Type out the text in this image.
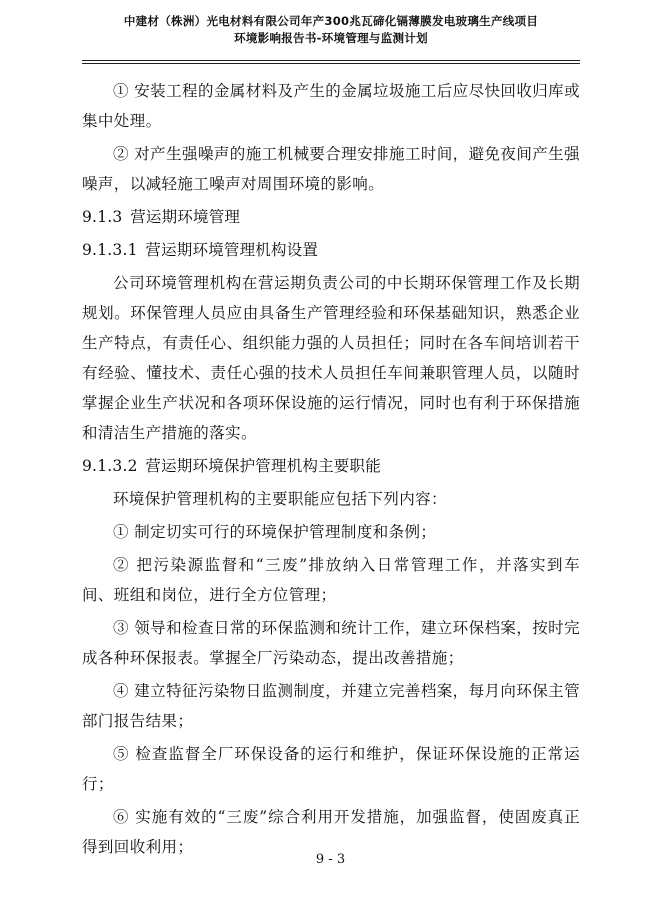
中建材（株洲）光电材料有限公司年产300兆瓦碲化镉薄膜发电玻璃生产线项目
环境影响报告书-环境管理与监测计划

① 安装工程的金属材料及产生的金属垃圾施工后应尽快回收归库或集中处理。

② 对产生强噪声的施工机械要合理安排施工时间，避免夜间产生强噪声，以减轻施工噪声对周围环境的影响。

9.1.3 营运期环境管理
9.1.3.1 营运期环境管理机构设置

公司环境管理机构在营运期负责公司的中长期环保管理工作及长期规划。环保管理人员应由具备生产管理经验和环保基础知识，熟悉企业生产特点，有责任心、组织能力强的人员担任；同时在各车间培训若干有经验、懂技术、责任心强的技术人员担任车间兼职管理人员，以随时掌握企业生产状况和各项环保设施的运行情况，同时也有利于环保措施和清洁生产措施的落实。

9.1.3.2 营运期环境保护管理机构主要职能

环境保护管理机构的主要职能应包括下列内容：

① 制定切实可行的环境保护管理制度和条例；

② 把污染源监督和“三废”排放纳入日常管理工作，并落实到车间、班组和岗位，进行全方位管理；

③ 领导和检查日常的环保监测和统计工作，建立环保档案，按时完成各种环保报表。掌握全厂污染动态，提出改善措施；

④ 建立特征污染物日监测制度，并建立完善档案，每月向环保主管部门报告结果；

⑤ 检查监督全厂环保设备的运行和维护，保证环保设施的正常运行；

⑥ 实施有效的“三废”综合利用开发措施，加强监督，使固废真正得到回收利用；

9 - 3
